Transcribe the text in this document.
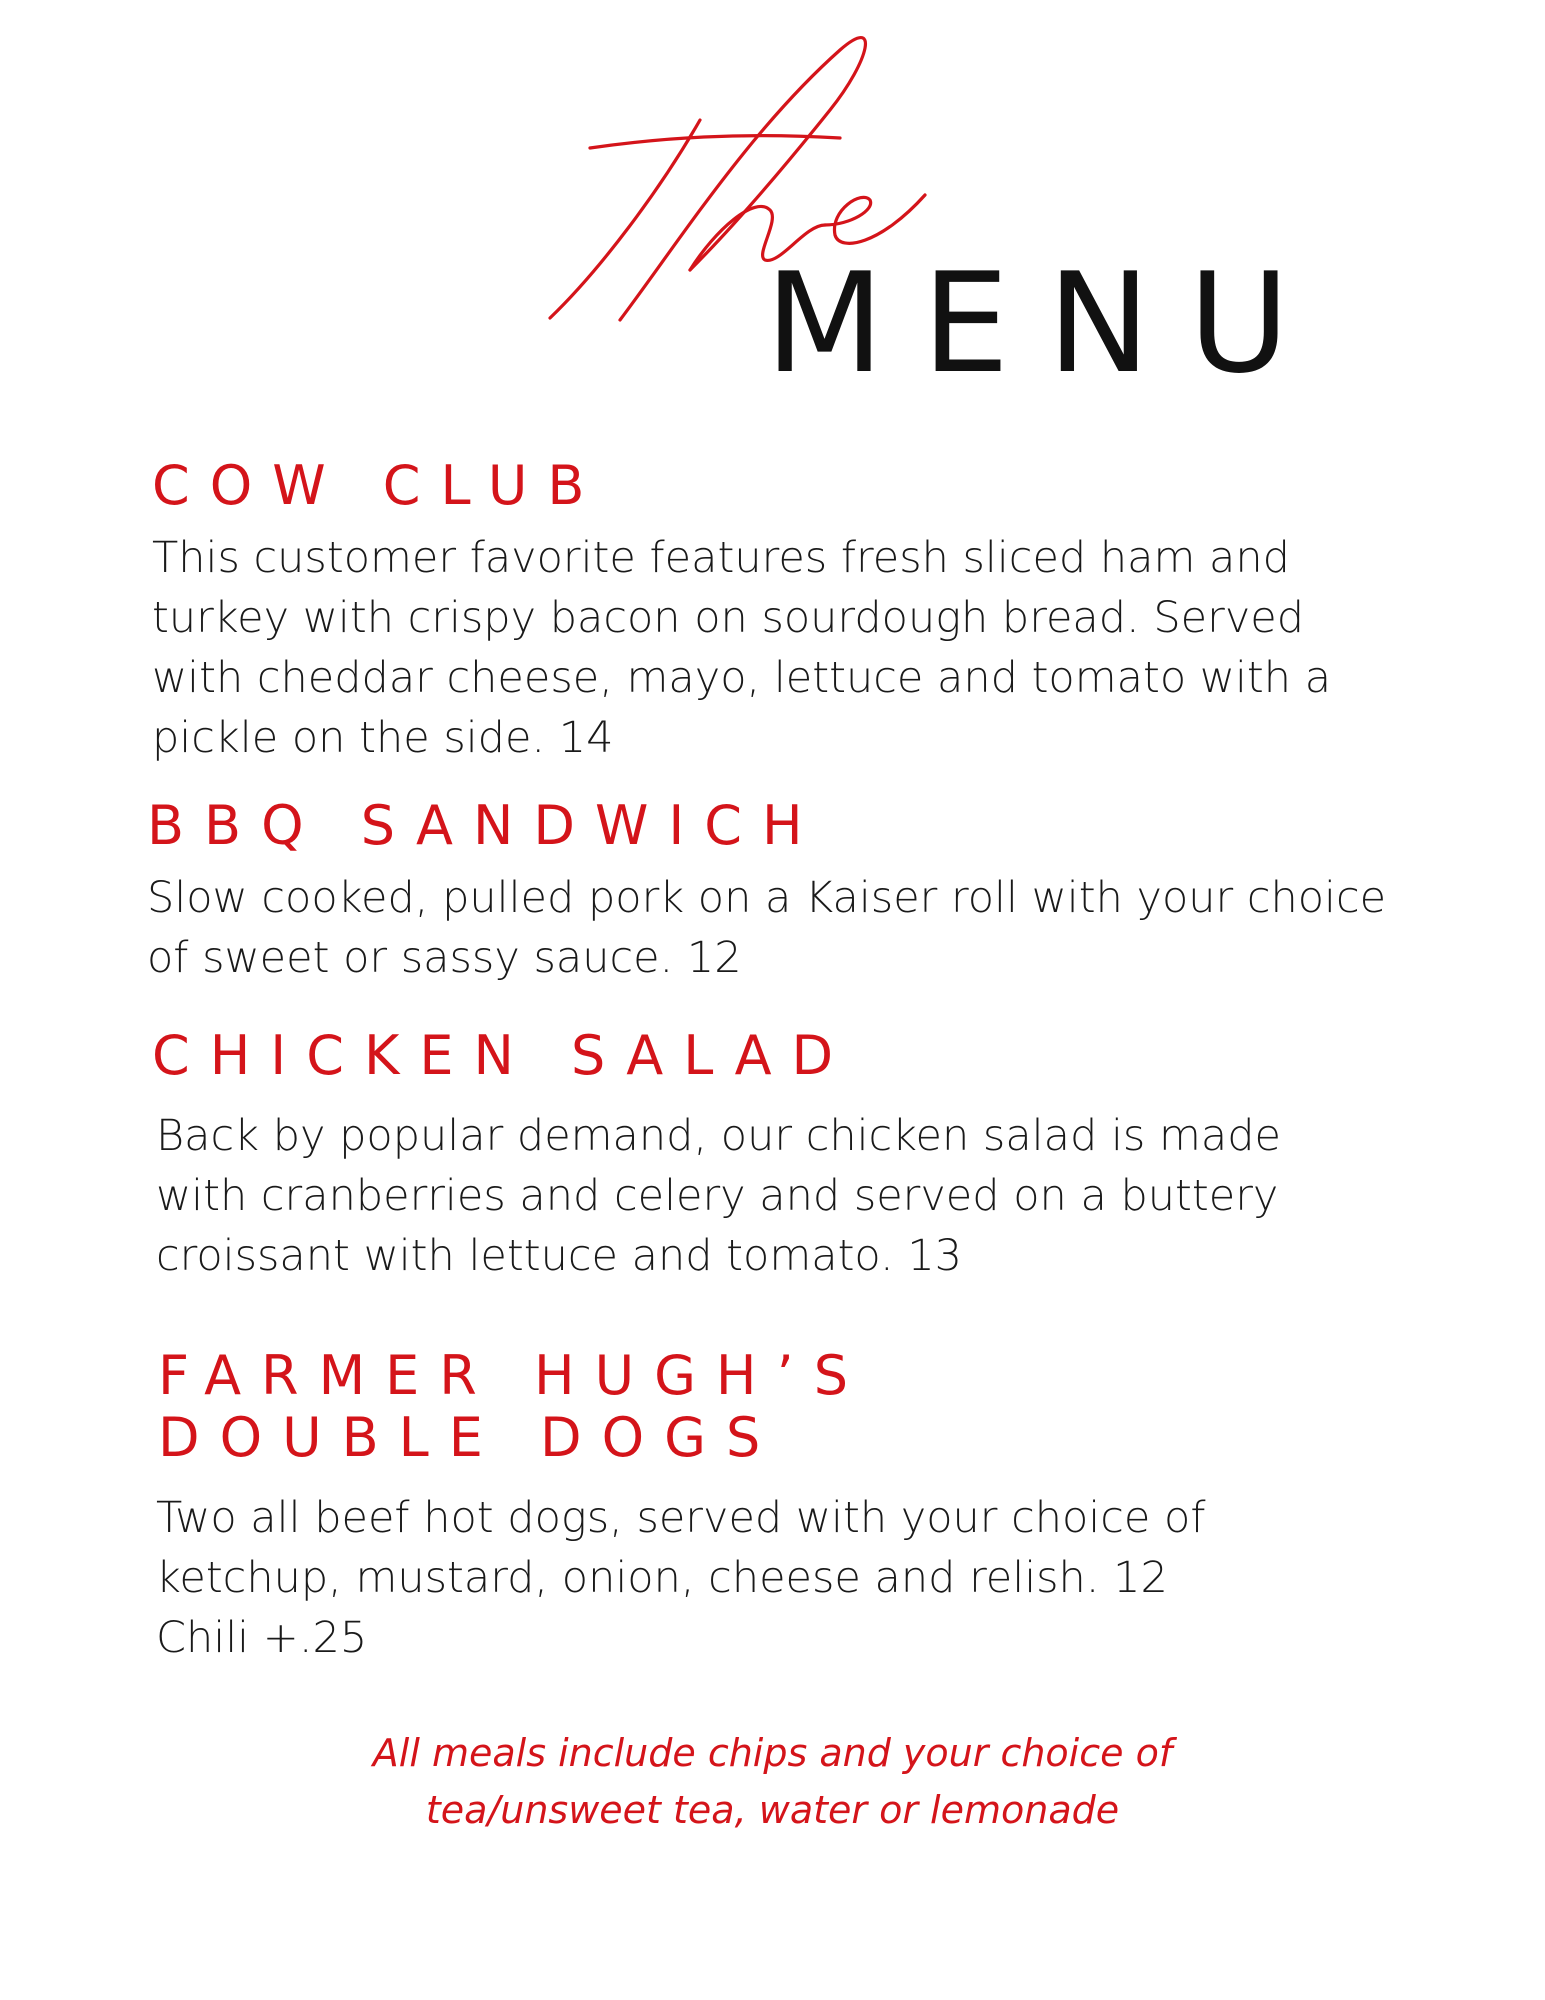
MENU
COW CLUB
This customer favorite features fresh sliced ham and
turkey with crispy bacon on sourdough bread. Served
with cheddar cheese, mayo, lettuce and tomato with a
pickle on the side. 14
BBQ SANDWICH
Slow cooked, pulled pork on a Kaiser roll with your choice
of sweet or sassy sauce. 12
CHICKEN SALAD
Back by popular demand, our chicken salad is made
with cranberries and celery and served on a buttery
croissant with lettuce and tomato. 13
FARMER HUGH’S
DOUBLE DOGS
Two all beef hot dogs, served with your choice of
ketchup, mustard, onion, cheese and relish. 12
Chili +.25
All meals include chips and your choice of
tea/unsweet tea, water or lemonade
